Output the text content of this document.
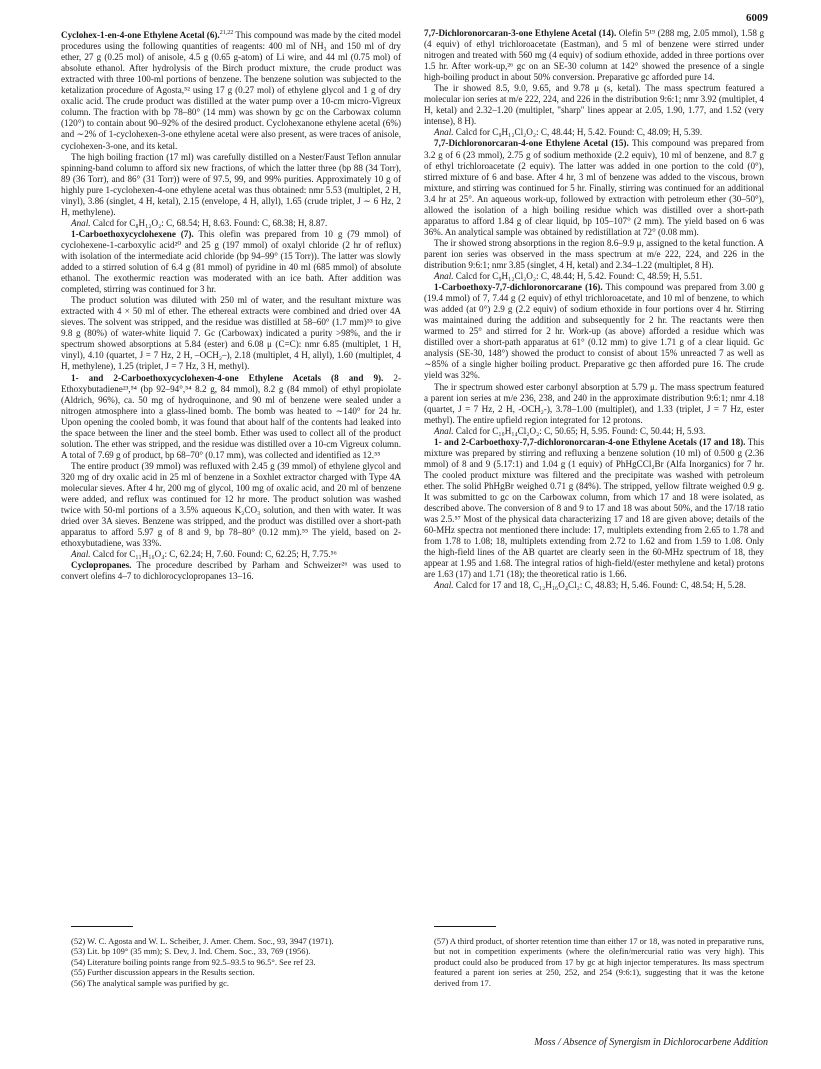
6009

Cyclohex-1-en-4-one Ethylene Acetal (6).$^{21,22}$ This compound was made by the cited model procedures using the following quantities of reagents: 400 ml of NH₃ and 150 ml of dry ether, 27 g (0.25 mol) of anisole, 4.5 g (0.65 g-atom) of Li wire, and 44 ml (0.75 mol) of absolute ethanol. After hydrolysis of the Birch product mixture, the crude product was extracted with three 100-ml portions of benzene. The benzene solution was subjected to the ketalization procedure of Agosta,⁵² using 17 g (0.27 mol) of ethylene glycol and 1 g of dry oxalic acid. The crude product was distilled at the water pump over a 10-cm micro-Vigreux column. The fraction with bp 78–80° (14 mm) was shown by gc on the Carbowax column (120°) to contain about 90–92% of the desired product. Cyclohexanone ethylene acetal (6%) and ∼2% of 1-cyclohexen-3-one ethylene acetal were also present, as were traces of anisole, cyclohexen-3-one, and its ketal.

The high boiling fraction (17 ml) was carefully distilled on a Nester/Faust Teflon annular spinning-band column to afford six new fractions, of which the latter three (bp 88 (34 Torr), 89 (36 Torr), and 86° (31 Torr)) were of 97.5, 99, and 99% purities. Approximately 10 g of highly pure 1-cyclohexen-4-one ethylene acetal was thus obtained: nmr 5.53 (multiplet, 2 H, vinyl), 3.86 (singlet, 4 H, ketal), 2.15 (envelope, 4 H, allyl), 1.65 (crude triplet, J ∼ 6 Hz, 2 H, methylene).

Anal. Calcd for C₈H₁₂O₂: C, 68.54; H, 8.63. Found: C, 68.38; H, 8.87.

1-Carboethoxycyclohexene (7). This olefin was prepared from 10 g (79 mmol) of cyclohexene-1-carboxylic acid²⁰ and 25 g (197 mmol) of oxalyl chloride (2 hr of reflux) with isolation of the intermediate acid chloride (bp 94–99° (15 Torr)). The latter was slowly added to a stirred solution of 6.4 g (81 mmol) of pyridine in 40 ml (685 mmol) of absolute ethanol. The exothermic reaction was moderated with an ice bath. After addition was completed, stirring was continued for 3 hr.

The product solution was diluted with 250 ml of water, and the resultant mixture was extracted with 4 × 50 ml of ether. The ethereal extracts were combined and dried over 4A sieves. The solvent was stripped, and the residue was distilled at 58–60° (1.7 mm)⁵³ to give 9.8 g (80%) of water-white liquid 7. Gc (Carbowax) indicated a purity >98%, and the ir spectrum showed absorptions at 5.84 (ester) and 6.08 μ (C=C): nmr 6.85 (multiplet, 1 H, vinyl), 4.10 (quartet, J = 7 Hz, 2 H, –OCH₂–), 2.18 (multiplet, 4 H, allyl), 1.60 (multiplet, 4 H, methylene), 1.25 (triplet, J = 7 Hz, 3 H, methyl).

1- and 2-Carboethoxycyclohexen-4-one Ethylene Acetals (8 and 9). 2-Ethoxybutadiene²³,⁵⁴ (bp 92–94°,⁵⁴ 8.2 g, 84 mmol), 8.2 g (84 mmol) of ethyl propiolate (Aldrich, 96%), ca. 50 mg of hydroquinone, and 90 ml of benzene were sealed under a nitrogen atmosphere into a glass-lined bomb. The bomb was heated to ∼140° for 24 hr. Upon opening the cooled bomb, it was found that about half of the contents had leaked into the space between the liner and the steel bomb. Ether was used to collect all of the product solution. The ether was stripped, and the residue was distilled over a 10-cm Vigreux column. A total of 7.69 g of product, bp 68–70° (0.17 mm), was collected and identified as 12.⁵⁵

The entire product (39 mmol) was refluxed with 2.45 g (39 mmol) of ethylene glycol and 320 mg of dry oxalic acid in 25 ml of benzene in a Soxhlet extractor charged with Type 4A molecular sieves. After 4 hr, 200 mg of glycol, 100 mg of oxalic acid, and 20 ml of benzene were added, and reflux was continued for 12 hr more. The product solution was washed twice with 50-ml portions of a 3.5% aqueous K₂CO₃ solution, and then with water. It was dried over 3A sieves. Benzene was stripped, and the product was distilled over a short-path apparatus to afford 5.97 g of 8 and 9, bp 78–80° (0.12 mm).⁵⁵ The yield, based on 2-ethoxybutadiene, was 33%.

Anal. Calcd for C₁₁H₁₆O₄: C, 62.24; H, 7.60. Found: C, 62.25; H, 7.75.⁵⁶

Cyclopropanes. The procedure described by Parham and Schweizer²⁶ was used to convert olefins 4–7 to dichlorocyclopropanes 13–16.

7,7-Dichloronorcaran-3-one Ethylene Acetal (14). Olefin 5¹⁹ (288 mg, 2.05 mmol), 1.58 g (4 equiv) of ethyl trichloroacetate (Eastman), and 5 ml of benzene were stirred under nitrogen and treated with 560 mg (4 equiv) of sodium ethoxide, added in three portions over 1.5 hr. After work-up,²⁶ gc on an SE-30 column at 142° showed the presence of a single high-boiling product in about 50% conversion. Preparative gc afforded pure 14.

The ir showed 8.5, 9.0, 9.65, and 9.78 μ (s, ketal). The mass spectrum featured a molecular ion series at m/e 222, 224, and 226 in the distribution 9:6:1; nmr 3.92 (multiplet, 4 H, ketal) and 2.32–1.20 (multiplet, "sharp" lines appear at 2.05, 1.90, 1.77, and 1.52 (very intense), 8 H).

Anal. Calcd for C₉H₁₂Cl₂O₂: C, 48.44; H, 5.42. Found: C, 48.09; H, 5.39.

7,7-Dichloronorcaran-4-one Ethylene Acetal (15). This compound was prepared from 3.2 g of 6 (23 mmol), 2.75 g of sodium methoxide (2.2 equiv), 10 ml of benzene, and 8.7 g of ethyl trichloroacetate (2 equiv). The latter was added in one portion to the cold (0°), stirred mixture of 6 and base. After 4 hr, 3 ml of benzene was added to the viscous, brown mixture, and stirring was continued for 5 hr. Finally, stirring was continued for an additional 3.4 hr at 25°. An aqueous work-up, followed by extraction with petroleum ether (30–50°), allowed the isolation of a high boiling residue which was distilled over a short-path apparatus to afford 1.84 g of clear liquid, bp 105–107° (2 mm). The yield based on 6 was 36%. An analytical sample was obtained by redistillation at 72° (0.08 mm).

The ir showed strong absorptions in the region 8.6–9.9 μ, assigned to the ketal function. A parent ion series was observed in the mass spectrum at m/e 222, 224, and 226 in the distribution 9:6:1; nmr 3.85 (singlet, 4 H, ketal) and 2.34–1.22 (multiplet, 8 H).

Anal. Calcd for C₉H₁₂Cl₂O₂: C, 48.44; H, 5.42. Found: C, 48.59; H, 5.51.

1-Carboethoxy-7,7-dichloronorcarane (16). This compound was prepared from 3.00 g (19.4 mmol) of 7, 7.44 g (2 equiv) of ethyl trichloroacetate, and 10 ml of benzene, to which was added (at 0°) 2.9 g (2.2 equiv) of sodium ethoxide in four portions over 4 hr. Stirring was maintained during the addition and subsequently for 2 hr. The reactants were then warmed to 25° and stirred for 2 hr. Work-up (as above) afforded a residue which was distilled over a short-path apparatus at 61° (0.12 mm) to give 1.71 g of a clear liquid. Gc analysis (SE-30, 148°) showed the product to consist of about 15% unreacted 7 as well as ∼85% of a single higher boiling product. Preparative gc then afforded pure 16. The crude yield was 32%.

The ir spectrum showed ester carbonyl absorption at 5.79 μ. The mass spectrum featured a parent ion series at m/e 236, 238, and 240 in the approximate distribution 9:6:1; nmr 4.18 (quartet, J = 7 Hz, 2 H, -OCH₂-), 3.78–1.00 (multiplet), and 1.33 (triplet, J = 7 Hz, ester methyl). The entire upfield region integrated for 12 protons.

Anal. Calcd for C₁₀H₁₄Cl₂O₂: C, 50.65; H, 5.95. Found: C, 50.44; H, 5.93.

1- and 2-Carboethoxy-7,7-dichloronorcaran-4-one Ethylene Acetals (17 and 18). This mixture was prepared by stirring and refluxing a benzene solution (10 ml) of 0.500 g (2.36 mmol) of 8 and 9 (5.17:1) and 1.04 g (1 equiv) of PhHgCCl₂Br (Alfa Inorganics) for 7 hr. The cooled product mixture was filtered and the precipitate was washed with petroleum ether. The solid PhHgBr weighed 0.71 g (84%). The stripped, yellow filtrate weighed 0.9 g. It was submitted to gc on the Carbowax column, from which 17 and 18 were isolated, as described above. The conversion of 8 and 9 to 17 and 18 was about 50%, and the 17/18 ratio was 2.5.⁵⁷ Most of the physical data characterizing 17 and 18 are given above; details of the 60-MHz spectra not mentioned there include: 17, multiplets extending from 2.65 to 1.78 and from 1.78 to 1.08; 18, multiplets extending from 2.72 to 1.62 and from 1.59 to 1.08. Only the high-field lines of the AB quartet are clearly seen in the 60-MHz spectrum of 18, they appear at 1.95 and 1.68. The integral ratios of high-field/(ester methylene and ketal) protons are 1.63 (17) and 1.71 (18); the theoretical ratio is 1.66.

Anal. Calcd for 17 and 18, C₁₂H₁₆O₄Cl₂: C, 48.83; H, 5.46. Found: C, 48.54; H, 5.28.

(52) W. C. Agosta and W. L. Scheiber, J. Amer. Chem. Soc., 93, 3947 (1971).

(53) Lit. bp 109° (35 mm); S. Dev, J. Ind. Chem. Soc., 33, 769 (1956).

(54) Literature boiling points range from 92.5–93.5 to 96.5°. See ref 23.

(55) Further discussion appears in the Results section.

(56) The analytical sample was purified by gc.

(57) A third product, of shorter retention time than either 17 or 18, was noted in preparative runs, but not in competition experiments (where the olefin/mercurial ratio was very high). This product could also be produced from 17 by gc at high injector temperatures. Its mass spectrum featured a parent ion series at 250, 252, and 254 (9:6:1), suggesting that it was the ketone derived from 17.

Moss / Absence of Synergism in Dichlorocarbene Addition
